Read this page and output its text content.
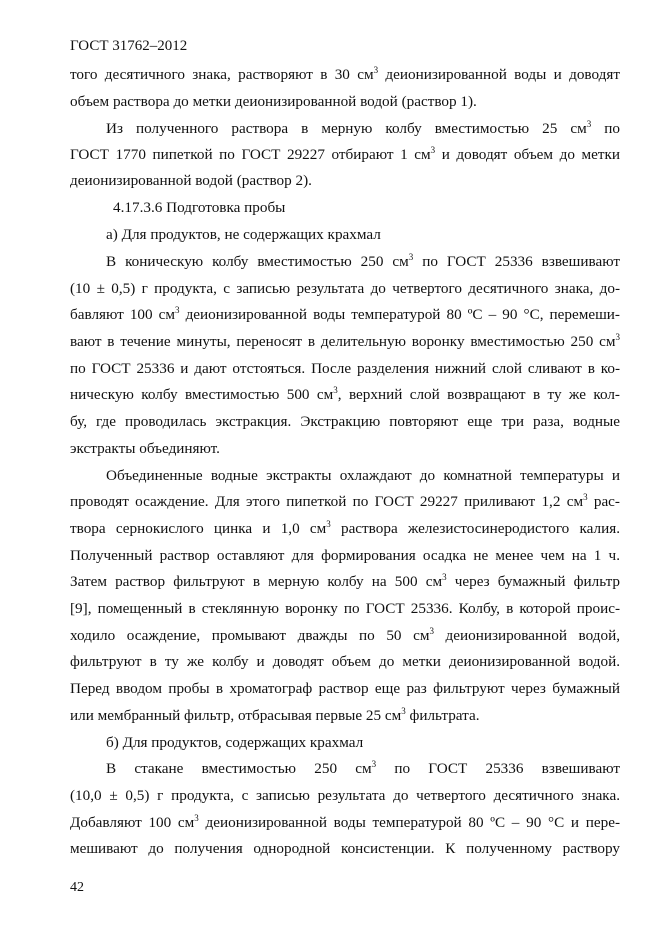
ГОСТ 31762–2012
того десятичного знака, растворяют в 30 $см^3$ деионизированной воды и доводят
объем раствора до метки деионизированной водой (раствор 1).
Из полученного раствора в мерную колбу вместимостью 25 $см^3$ по
ГОСТ 1770 пипеткой по ГОСТ 29227 отбирают 1 $см^3$ и доводят объем до метки
деионизированной водой (раствор 2).
4.17.3.6 Подготовка пробы
а) Для продуктов, не содержащих крахмал
В коническую колбу вместимостью 250 $см^3$ по ГОСТ 25336 взвешивают
(10 ± 0,5) г продукта, с записью результата до четвертого десятичного знака, до-
бавляют 100 $см^3$ деионизированной воды температурой 80 ºС – 90 °С, перемеши-
вают в течение минуты, переносят в делительную воронку вместимостью 250 $см^3$
по ГОСТ 25336 и дают отстояться. После разделения нижний слой сливают в ко-
ническую колбу вместимостью 500 $см^3$, верхний слой возвращают в ту же кол-
бу, где проводилась экстракция. Экстракцию повторяют еще три раза, водные
экстракты объединяют.
Объединенные водные экстракты охлаждают до комнатной температуры и
проводят осаждение. Для этого пипеткой по ГОСТ 29227 приливают 1,2 $см^3$ рас-
твора сернокислого цинка и 1,0 $см^3$ раствора железистосинеродистого калия.
Полученный раствор оставляют для формирования осадка не менее чем на 1 ч.
Затем раствор фильтруют в мерную колбу на 500 $см^3$ через бумажный фильтр
[9], помещенный в стеклянную воронку по ГОСТ 25336. Колбу, в которой проис-
ходило осаждение, промывают дважды по 50 $см^3$ деионизированной водой,
фильтруют в ту же колбу и доводят объем до метки деионизированной водой.
Перед вводом пробы в хроматограф раствор еще раз фильтруют через бумажный
или мембранный фильтр, отбрасывая первые 25 $см^3$ фильтрата.
б) Для продуктов, содержащих крахмал
В стакане вместимостью 250 $см^3$ по ГОСТ 25336 взвешивают
(10,0 ± 0,5) г продукта, с записью результата до четвертого десятичного знака.
Добавляют 100 $см^3$ деионизированной воды температурой 80 ºС – 90 °С и пере-
мешивают до получения однородной консистенции. К полученному раствору
42
